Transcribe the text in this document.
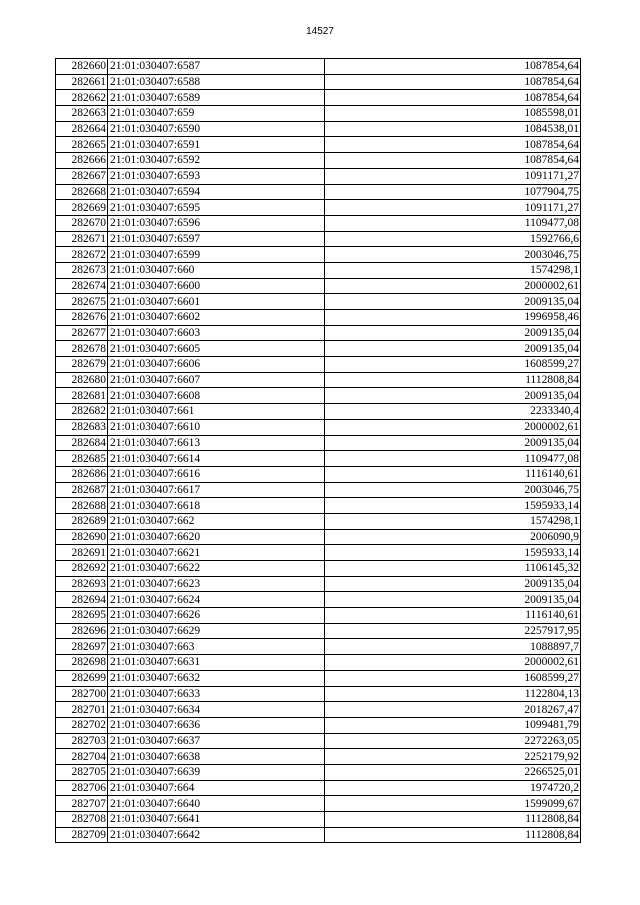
14527
282660	21:01:030407:6587	1087854,64
282661	21:01:030407:6588	1087854,64
282662	21:01:030407:6589	1087854,64
282663	21:01:030407:659	1085598,01
282664	21:01:030407:6590	1084538,01
282665	21:01:030407:6591	1087854,64
282666	21:01:030407:6592	1087854,64
282667	21:01:030407:6593	1091171,27
282668	21:01:030407:6594	1077904,75
282669	21:01:030407:6595	1091171,27
282670	21:01:030407:6596	1109477,08
282671	21:01:030407:6597	1592766,6
282672	21:01:030407:6599	2003046,75
282673	21:01:030407:660	1574298,1
282674	21:01:030407:6600	2000002,61
282675	21:01:030407:6601	2009135,04
282676	21:01:030407:6602	1996958,46
282677	21:01:030407:6603	2009135,04
282678	21:01:030407:6605	2009135,04
282679	21:01:030407:6606	1608599,27
282680	21:01:030407:6607	1112808,84
282681	21:01:030407:6608	2009135,04
282682	21:01:030407:661	2233340,4
282683	21:01:030407:6610	2000002,61
282684	21:01:030407:6613	2009135,04
282685	21:01:030407:6614	1109477,08
282686	21:01:030407:6616	1116140,61
282687	21:01:030407:6617	2003046,75
282688	21:01:030407:6618	1595933,14
282689	21:01:030407:662	1574298,1
282690	21:01:030407:6620	2006090,9
282691	21:01:030407:6621	1595933,14
282692	21:01:030407:6622	1106145,32
282693	21:01:030407:6623	2009135,04
282694	21:01:030407:6624	2009135,04
282695	21:01:030407:6626	1116140,61
282696	21:01:030407:6629	2257917,95
282697	21:01:030407:663	1088897,7
282698	21:01:030407:6631	2000002,61
282699	21:01:030407:6632	1608599,27
282700	21:01:030407:6633	1122804,13
282701	21:01:030407:6634	2018267,47
282702	21:01:030407:6636	1099481,79
282703	21:01:030407:6637	2272263,05
282704	21:01:030407:6638	2252179,92
282705	21:01:030407:6639	2266525,01
282706	21:01:030407:664	1974720,2
282707	21:01:030407:6640	1599099,67
282708	21:01:030407:6641	1112808,84
282709	21:01:030407:6642	1112808,84
